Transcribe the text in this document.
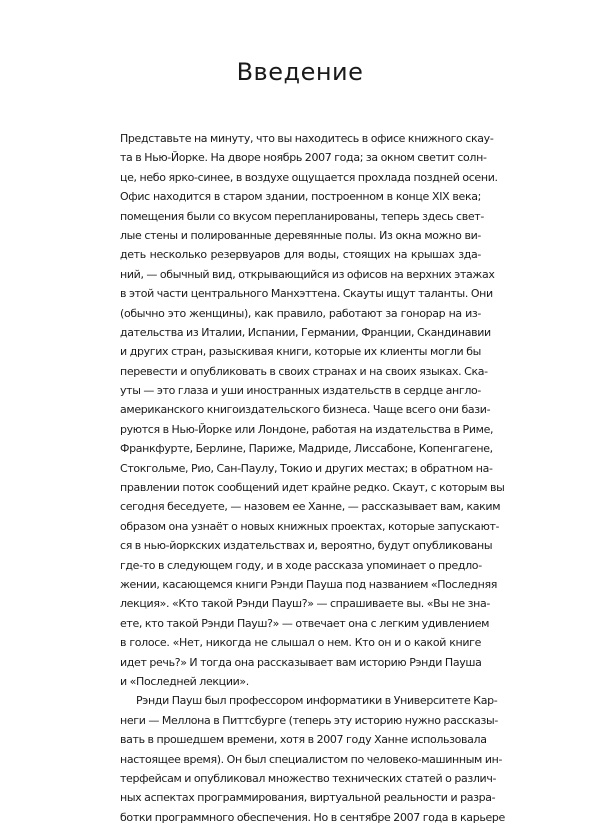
Введение
Представьте на минуту, что вы находитесь в офисе книжного скау-
та в Нью-Йорке. На дворе ноябрь 2007 года; за окном светит солн-
це, небо ярко-синее, в воздухе ощущается прохлада поздней осени.
Офис находится в старом здании, построенном в конце XIX века;
помещения были со вкусом перепланированы, теперь здесь свет-
лые стены и полированные деревянные полы. Из окна можно ви-
деть несколько резервуаров для воды, стоящих на крышах зда-
ний, — обычный вид, открывающийся из офисов на верхних этажах
в этой части центрального Манхэттена. Скауты ищут таланты. Они
(обычно это женщины), как правило, работают за гонорар на из-
дательства из Италии, Испании, Германии, Франции, Скандинавии
и других стран, разыскивая книги, которые их клиенты могли бы
перевести и опубликовать в своих странах и на своих языках. Ска-
уты — это глаза и уши иностранных издательств в сердце англо-
американского книгоиздательского бизнеса. Чаще всего они бази-
руются в Нью-Йорке или Лондоне, работая на издательства в Риме,
Франкфурте, Берлине, Париже, Мадриде, Лиссабоне, Копенгагене,
Стокгольме, Рио, Сан-Паулу, Токио и других местах; в обратном на-
правлении поток сообщений идет крайне редко. Скаут, с которым вы
сегодня беседуете, — назовем ее Ханне, — рассказывает вам, каким
образом она узнаёт о новых книжных проектах, которые запускают-
ся в нью-йоркских издательствах и, вероятно, будут опубликованы
где-то в следующем году, и в ходе рассказа упоминает о предло-
жении, касающемся книги Рэнди Пауша под названием «Последняя
лекция». «Кто такой Рэнди Пауш?» — спрашиваете вы. «Вы не зна-
ете, кто такой Рэнди Пауш?» — отвечает она с легким удивлением
в голосе. «Нет, никогда не слышал о нем. Кто он и о какой книге
идет речь?» И тогда она рассказывает вам историю Рэнди Пауша
и «Последней лекции».
Рэнди Пауш был профессором информатики в Университете Кар-
неги — Меллона в Питтсбурге (теперь эту историю нужно рассказы-
вать в прошедшем времени, хотя в 2007 году Ханне использовала
настоящее время). Он был специалистом по человеко-машинным ин-
терфейсам и опубликовал множество технических статей о различ-
ных аспектах программирования, виртуальной реальности и разра-
ботки программного обеспечения. Но в сентябре 2007 года в карьере
